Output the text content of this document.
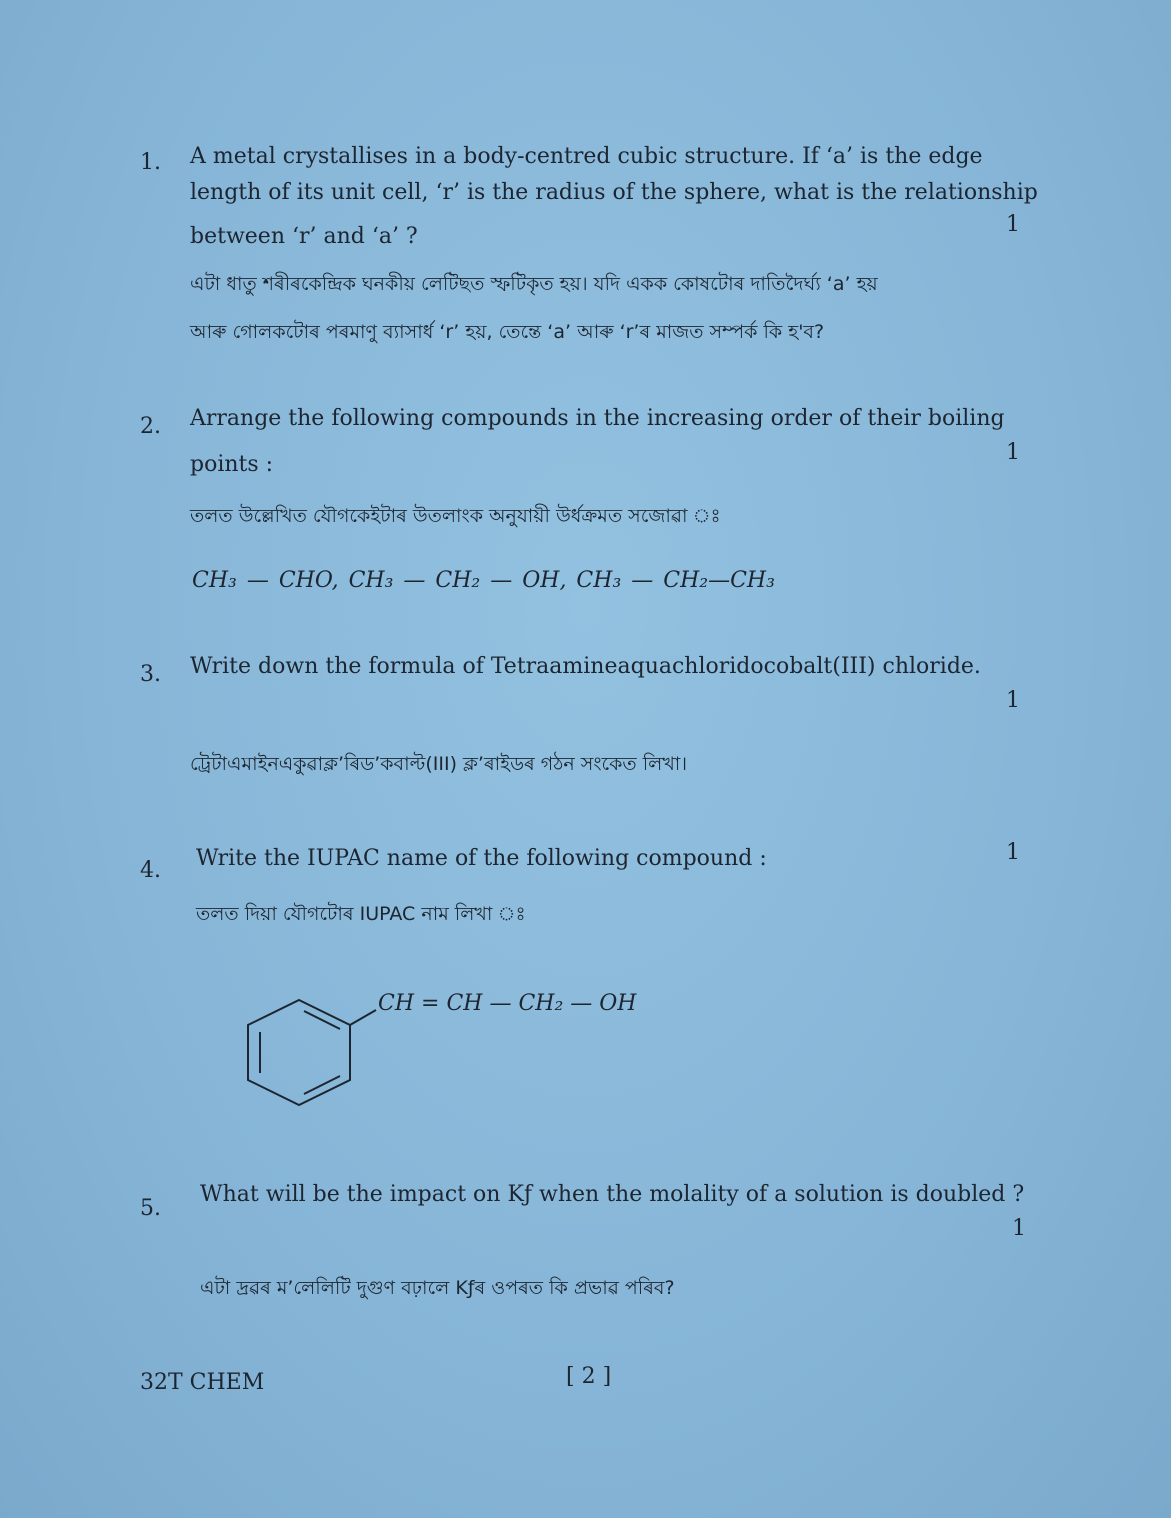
1. A metal crystallises in a body-centred cubic structure. If ‘a’ is the edge
length of its unit cell, ‘r’ is the radius of the sphere, what is the relationship
between ‘r’ and ‘a’ ?	1
এটা ধাতু শৰীৰকেন্দ্ৰিক ঘনকীয় লেটিছত স্ফটিকৃত হয়। যদি একক কোষটোৰ দাতিদৈৰ্ঘ্য ‘a’ হয়
আৰু গোলকটোৰ পৰমাণু ব্যাসাৰ্ধ ‘r’ হয়, তেন্তে ‘a’ আৰু ‘r’ৰ মাজত সম্পৰ্ক কি হ'ব?
2. Arrange the following compounds in the increasing order of their boiling
points :	1
তলত উল্লেখিত যৌগকেইটাৰ উতলাংক অনুযায়ী উৰ্ধক্ৰমত সজোৱা ঃ
CH₃ — CHO, CH₃ — CH₂ — OH, CH₃ — CH₂—CH₃
3. Write down the formula of Tetraamineaquachloridocobalt(III) chloride.
1
ট্ৰেটাএমাইনএকুৱাক্ল’ৰিড’কবাল্ট(III) ক্ল’ৰাইডৰ গঠন সংকেত লিখা।
4. Write the IUPAC name of the following compound :	1
তলত দিয়া যৌগটোৰ IUPAC নাম লিখা ঃ
CH = CH — CH₂ — OH
5.
What will be the impact on Kƒ when the molality of a solution is doubled ?
1
এটা দ্ৰৱৰ ম’লেলিটি দুগুণ বঢ়ালে Kƒৰ ওপৰত কি প্ৰভাৱ পৰিব?
32T CHEM	[ 2 ]
